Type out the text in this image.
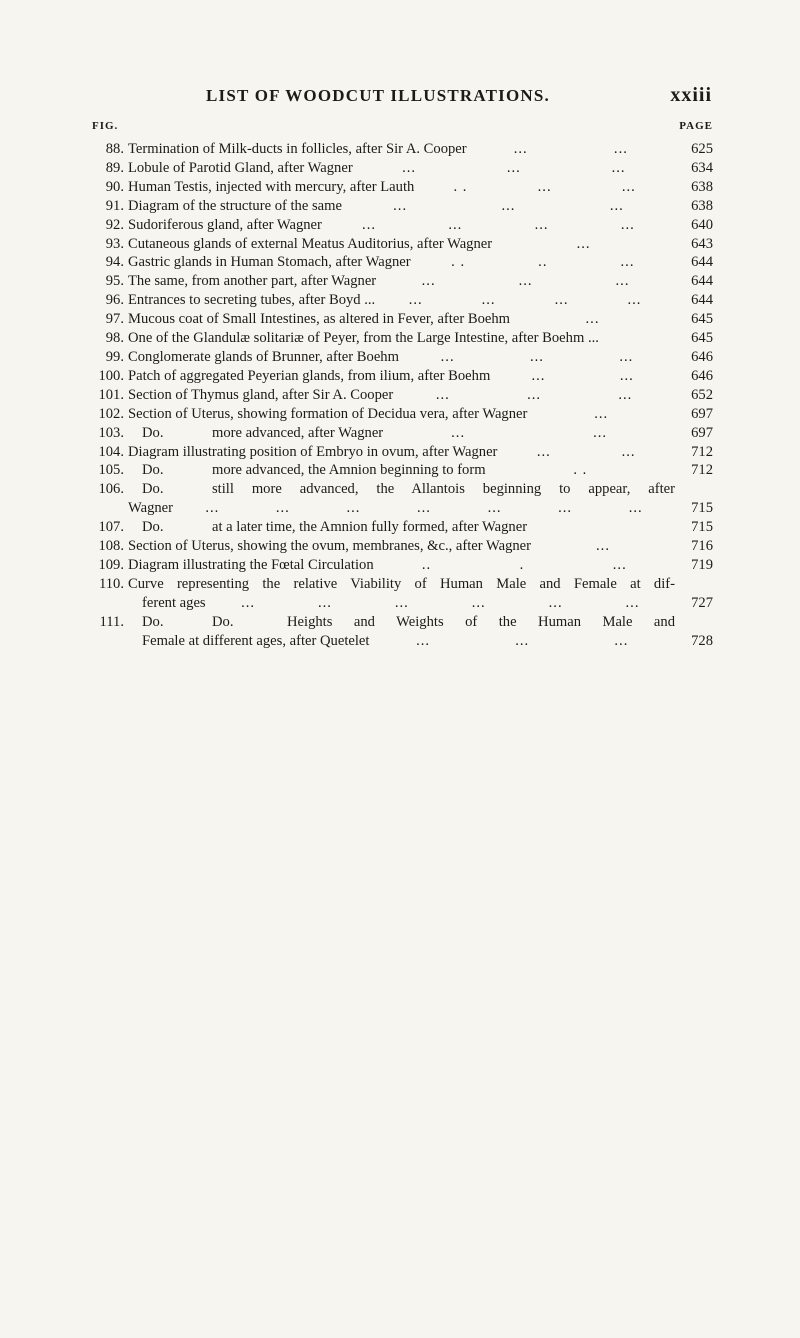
LIST OF WOODCUT ILLUSTRATIONS.	xxiii
FIG.	PAGE
88. Termination of Milk-ducts in follicles, after Sir A. Cooper	...	...	625
89. Lobule of Parotid Gland, after Wagner	...	...	...	634
90. Human Testis, injected with mercury, after Lauth	. .	...	...	638
91. Diagram of the structure of the same	...	...	...	638
92. Sudoriferous gland, after Wagner	...	...	...	...	640
93. Cutaneous glands of external Meatus Auditorius, after Wagner	...	643
94. Gastric glands in Human Stomach, after Wagner	. .	..	...	644
95. The same, from another part, after Wagner	...	...	...	644
96. Entrances to secreting tubes, after Boyd ... ...	...	...	...	644
97. Mucous coat of Small Intestines, as altered in Fever, after Boehm	...	645
98. One of the Glandulæ solitariæ of Peyer, from the Large Intestine, after Boehm ...	645
99. Conglomerate glands of Brunner, after Boehm	...	...	...	646
100. Patch of aggregated Peyerian glands, from ilium, after Boehm	...	...	646
101. Section of Thymus gland, after Sir A. Cooper	...	...	...	652
102. Section of Uterus, showing formation of Decidua vera, after Wagner	...	697
103.	Do.	more advanced, after Wagner	...	...	697
104. Diagram illustrating position of Embryo in ovum, after Wagner	...	...	712
105.	Do.	more advanced, the Amnion beginning to form	. .	712
106.	Do.	still more advanced, the Allantois beginning to appear, after
Wagner ...	...	...	...	...	...	...	715
107.	Do.	at a later time, the Amnion fully formed, after Wagner	715
108. Section of Uterus, showing the ovum, membranes, &c., after Wagner	...	716
109. Diagram illustrating the Fœtal Circulation	..	.	...	719
110. Curve representing the relative Viability of Human Male and Female at dif-
ferent ages ...	...	...	...	...	...	727
111.	Do.	Do.	Heights and Weights of the Human Male and
Female at different ages, after Quetelet	...	...	...	728
